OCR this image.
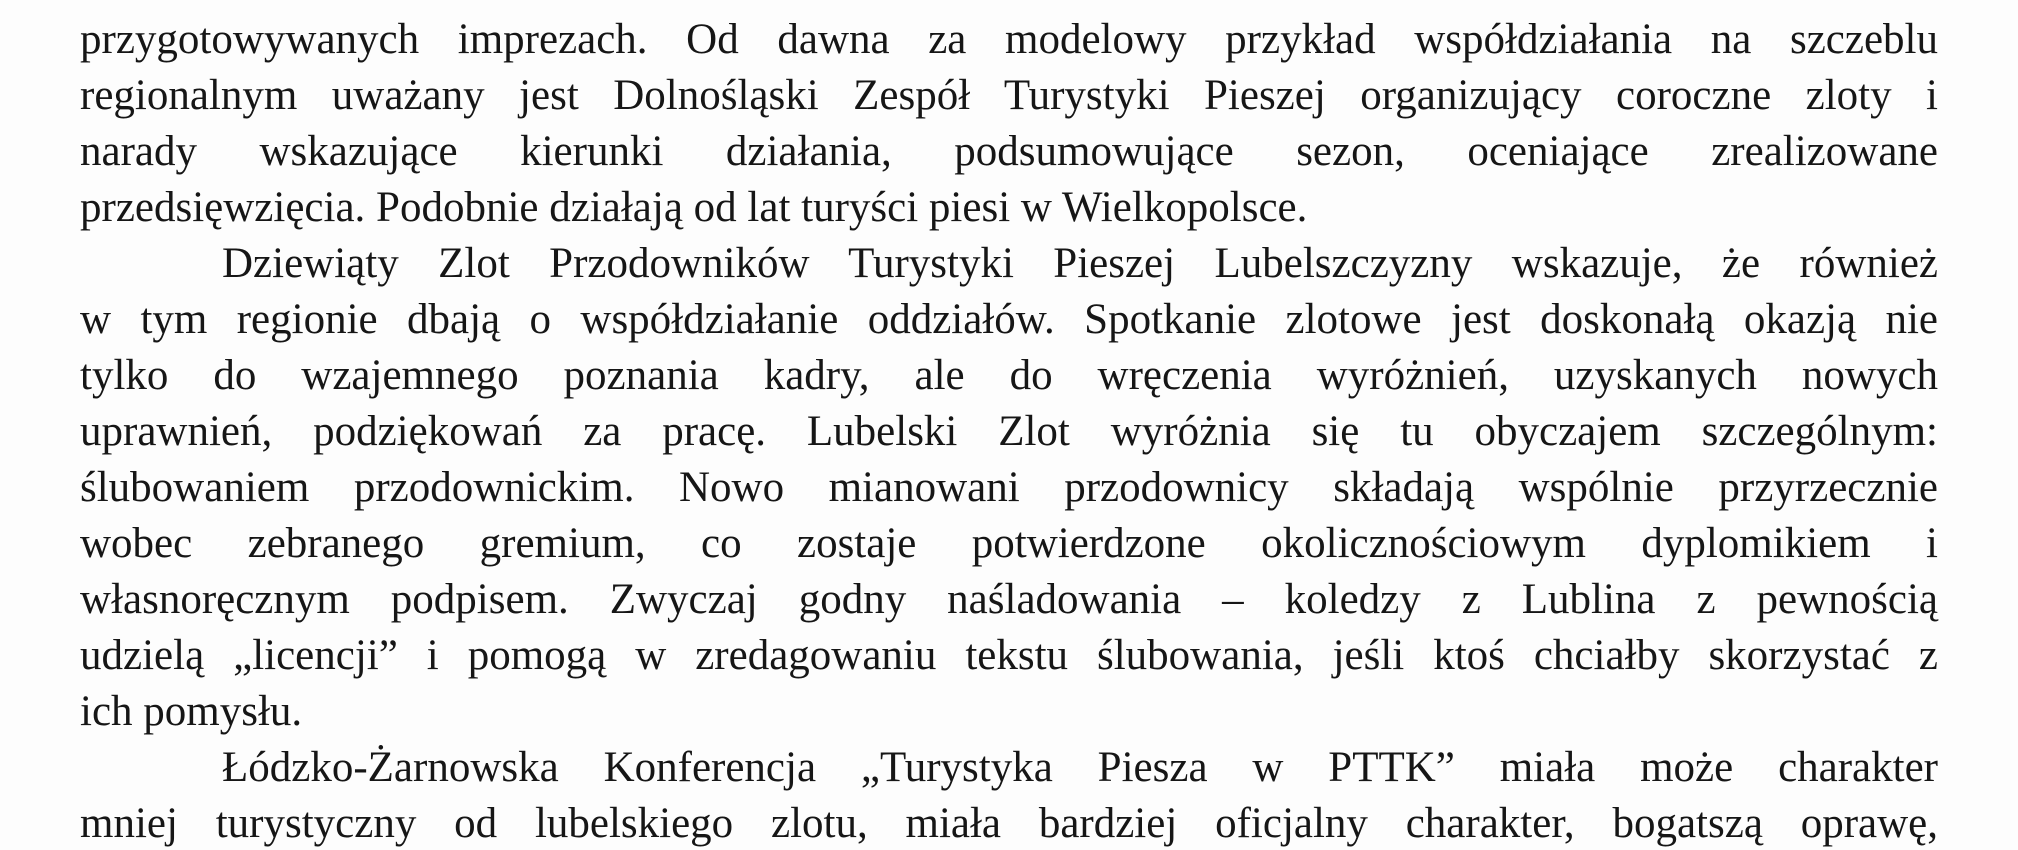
przygotowywanych imprezach. Od dawna za modelowy przykład współdziałania na szczeblu
regionalnym uważany jest Dolnośląski Zespół Turystyki Pieszej organizujący coroczne zloty i
narady wskazujące kierunki działania, podsumowujące sezon, oceniające zrealizowane
przedsięwzięcia. Podobnie działają od lat turyści piesi w Wielkopolsce.
Dziewiąty Zlot Przodowników Turystyki Pieszej Lubelszczyzny wskazuje, że również
w tym regionie dbają o współdziałanie oddziałów. Spotkanie zlotowe jest doskonałą okazją nie
tylko do wzajemnego poznania kadry, ale do wręczenia wyróżnień, uzyskanych nowych
uprawnień, podziękowań za pracę. Lubelski Zlot wyróżnia się tu obyczajem szczególnym:
ślubowaniem przodownickim. Nowo mianowani przodownicy składają wspólnie przyrzecznie
wobec zebranego gremium, co zostaje potwierdzone okolicznościowym dyplomikiem i
własnoręcznym podpisem. Zwyczaj godny naśladowania – koledzy z Lublina z pewnością
udzielą „licencji” i pomogą w zredagowaniu tekstu ślubowania, jeśli ktoś chciałby skorzystać z
ich pomysłu.
Łódzko-Żarnowska Konferencja „Turystyka Piesza w PTTK” miała może charakter
mniej turystyczny od lubelskiego zlotu, miała bardziej oficjalny charakter, bogatszą oprawę,
